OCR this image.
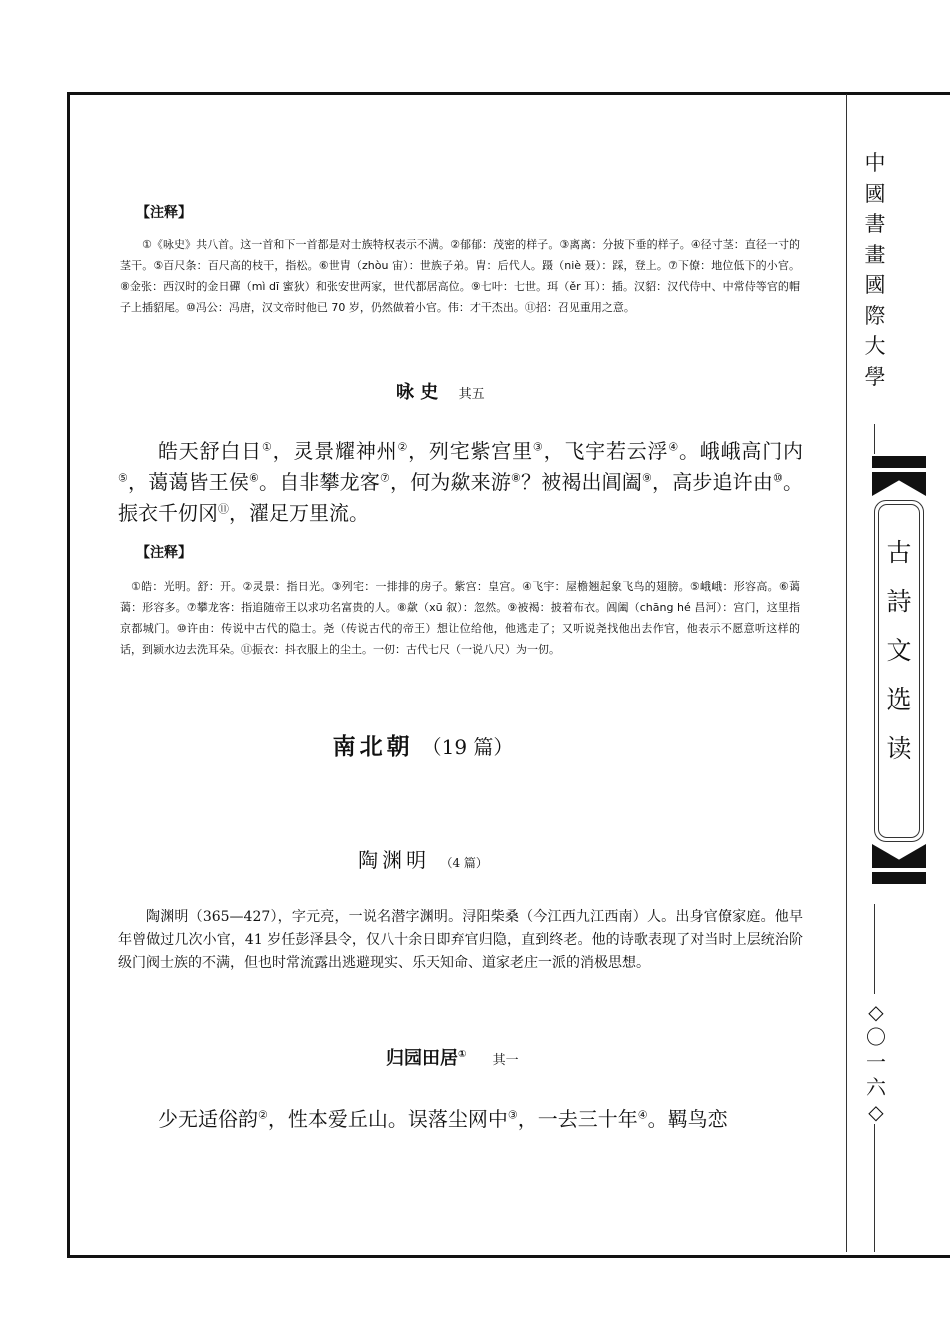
中國書畫國際大學
古詩文选读
◇〇一六◇
【注释】
①《咏史》共八首。这一首和下一首都是对士族特权表示不满。②郁郁：茂密的样子。③离离：分披下垂的样子。④径寸茎：直径一寸的茎干。⑤百尺条：百尺高的枝干，指松。⑥世胄（zhòu 宙）：世族子弟。胄：后代人。蹑（niè 聂）：踩，登上。⑦下僚：地位低下的小官。⑧金张：西汉时的金日磾（mì dī 蜜狄）和张安世两家，世代都居高位。⑨七叶：七世。珥（ěr 耳）：插。汉貂：汉代侍中、中常侍等官的帽子上插貂尾。⑩冯公：冯唐，汉文帝时他已 70 岁，仍然做着小官。伟：才干杰出。⑪招：召见重用之意。
咏 史 其五
皓天舒白日①，灵景耀神州②，列宅紫宫里③，飞宇若云浮④。峨峨高门内⑤，蔼蔼皆王侯⑥。自非攀龙客⑦，何为歘来游⑧？被褐出阊阖⑨，高步追许由⑩。振衣千仞冈⑪，濯足万里流。
【注释】
①皓：光明。舒：开。②灵景：指日光。③列宅：一排排的房子。紫宫：皇宫。④飞宇：屋檐翘起象飞鸟的翅膀。⑤峨峨：形容高。⑥蔼蔼：形容多。⑦攀龙客：指追随帝王以求功名富贵的人。⑧歘（xū 叙）：忽然。⑨被褐：披着布衣。阊阖（chāng hé 昌河）：宫门，这里指京都城门。⑩许由：传说中古代的隐士。尧（传说古代的帝王）想让位给他，他逃走了；又听说尧找他出去作官，他表示不愿意听这样的话，到颍水边去洗耳朵。⑪振衣：抖衣服上的尘土。一仞：古代七尺（一说八尺）为一仞。
南北朝 （19 篇）
陶渊明 （4 篇）
陶渊明（365—427），字元亮，一说名潜字渊明。浔阳柴桑（今江西九江西南）人。出身官僚家庭。他早年曾做过几次小官，41 岁任彭泽县令，仅八十余日即弃官归隐，直到终老。他的诗歌表现了对当时上层统治阶级门阀士族的不满，但也时常流露出逃避现实、乐天知命、道家老庄一派的消极思想。
归园田居① 其一
少无适俗韵②，性本爱丘山。误落尘网中③，一去三十年④。羁鸟恋
